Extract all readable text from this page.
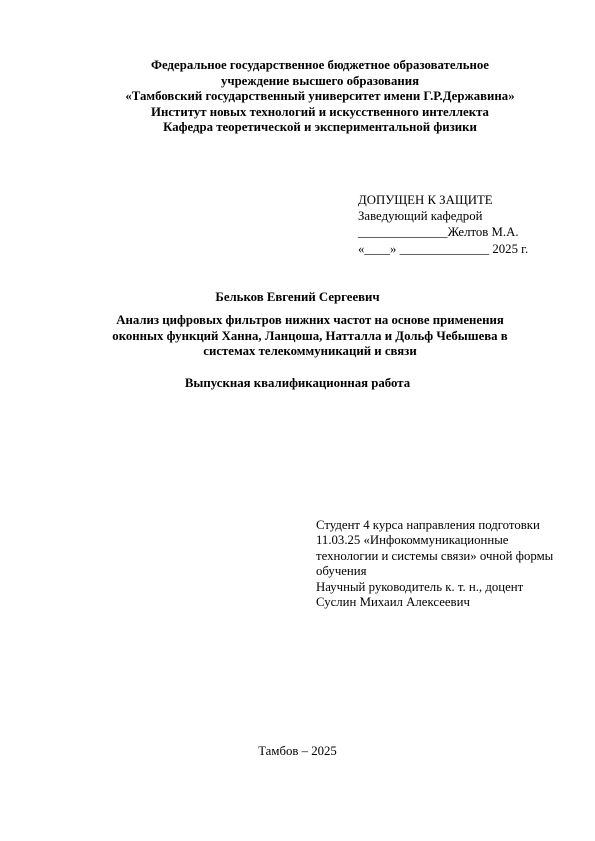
Федеральное государственное бюджетное образовательное
учреждение высшего образования
«Тамбовский государственный университет имени Г.Р.Державина»
Институт новых технологий и искусственного интеллекта
Кафедра теоретической и экспериментальной физики
ДОПУЩЕН К ЗАЩИТЕ
Заведующий кафедрой
______________Желтов М.А.
«____» ______________ 2025 г.
Бельков Евгений Сергеевич
Анализ цифровых фильтров нижних частот на основе применения
оконных функций Ханна, Ланцоша, Натталла и Дольф Чебышева в
системах телекоммуникаций и связи
Выпускная квалификационная работа
Студент 4 курса направления подготовки
11.03.25 «Инфокоммуникационные
технологии и системы связи» очной формы
обучения
Научный руководитель к. т. н., доцент
Суслин Михаил Алексеевич
Тамбов – 2025
